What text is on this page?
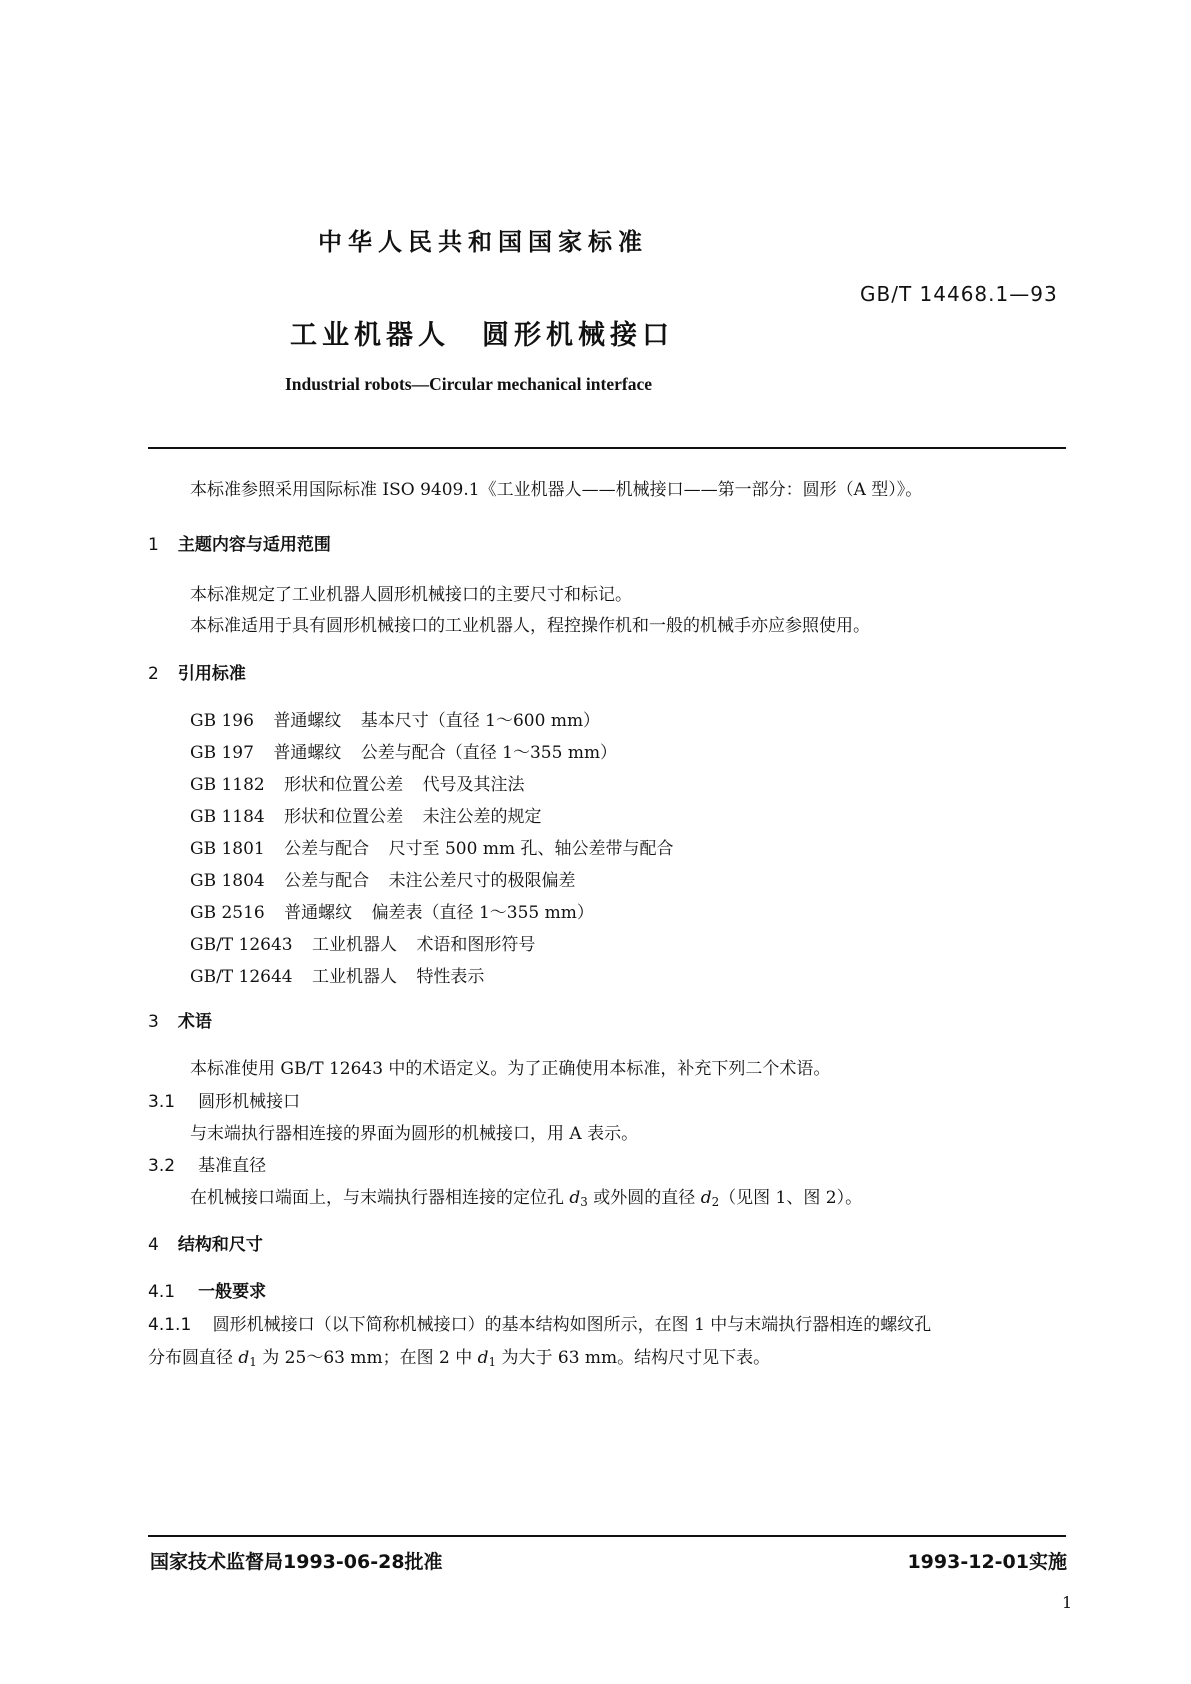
中华人民共和国国家标准
GB/T 14468.1—93
工业机器人　圆形机械接口
Industrial robots—Circular mechanical interface
本标准参照采用国际标准 ISO 9409.1《工业机器人——机械接口——第一部分：圆形（A 型）》。
1 主题内容与适用范围
本标准规定了工业机器人圆形机械接口的主要尺寸和标记。
本标准适用于具有圆形机械接口的工业机器人，程控操作机和一般的机械手亦应参照使用。
2 引用标准
GB 196 普通螺纹 基本尺寸（直径 1～600 mm）
GB 197 普通螺纹 公差与配合（直径 1～355 mm）
GB 1182 形状和位置公差 代号及其注法
GB 1184 形状和位置公差 未注公差的规定
GB 1801 公差与配合 尺寸至 500 mm 孔、轴公差带与配合
GB 1804 公差与配合 未注公差尺寸的极限偏差
GB 2516 普通螺纹 偏差表（直径 1～355 mm）
GB/T 12643 工业机器人 术语和图形符号
GB/T 12644 工业机器人 特性表示
3 术语
本标准使用 GB/T 12643 中的术语定义。为了正确使用本标准，补充下列二个术语。
3.1 圆形机械接口
与末端执行器相连接的界面为圆形的机械接口，用 A 表示。
3.2 基准直径
在机械接口端面上，与末端执行器相连接的定位孔 $d_3$ 或外圆的直径 $d_2$（见图 1、图 2）。
4 结构和尺寸
4.1 一般要求
4.1.1 圆形机械接口（以下简称机械接口）的基本结构如图所示，在图 1 中与末端执行器相连的螺纹孔
分布圆直径 $d_1$ 为 25～63 mm；在图 2 中 $d_1$ 为大于 63 mm。结构尺寸见下表。
国家技术监督局1993-06-28批准	1993-12-01实施
1
